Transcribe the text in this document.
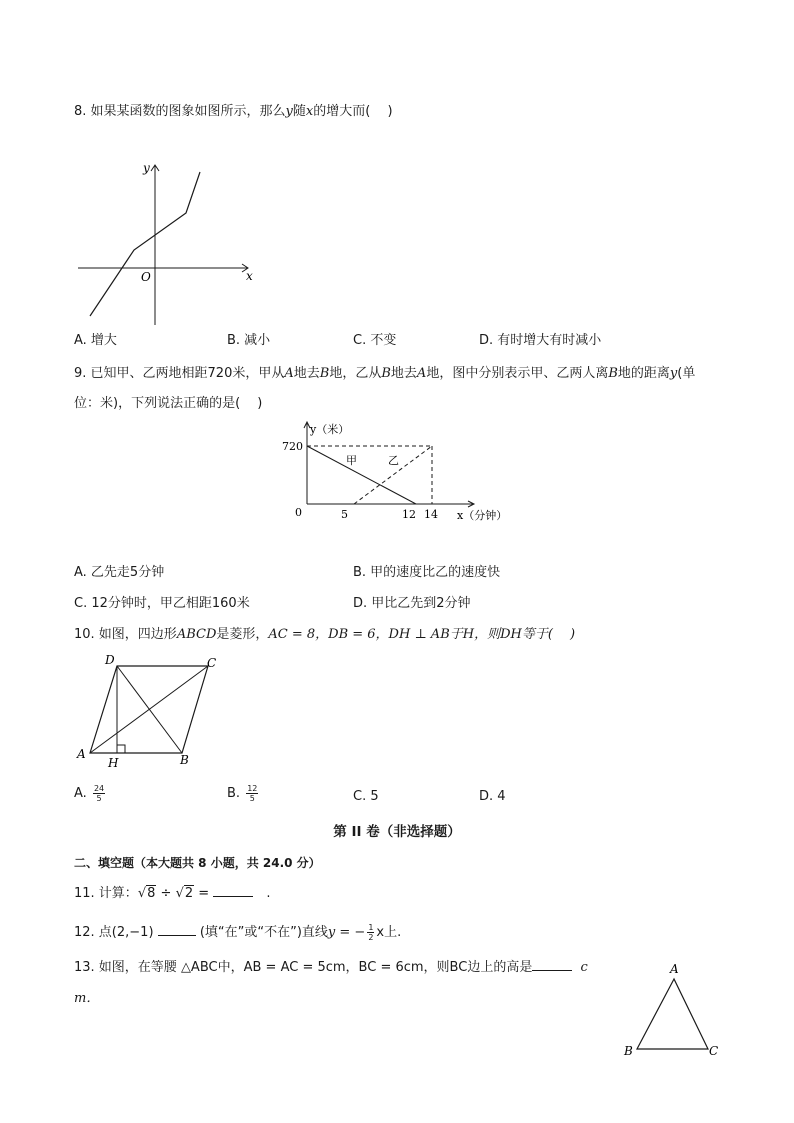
8. 如果某函数的图象如图所示，那么y随x的增大而(　 )
x
y
O
A. 增大	B. 减小	C. 不变	D. 有时增大有时减小
9. 已知甲、乙两地相距720米，甲从A地去B地，乙从B地去A地，图中分别表示甲、乙两人离B地的距离y(单
位：米)，下列说法正确的是(　 )
y（米）
720
0	5	12 14 x（分钟）
甲	乙
A. 乙先走5分钟	B. 甲的速度比乙的速度快
C. 12分钟时，甲乙相距160米	D. 甲比乙先到2分钟
10. 如图，四边形ABCD是菱形，AC = 8，DB = 6，DH ⊥ AB于H，则DH等于(　 )
A
D	C
B
H
A. $\frac{24}{5}$	B. $\frac{12}{5}$	C. 5	D. 4
第 II 卷（非选择题）
二、填空题（本大题共 8 小题，共 24.0 分）
11. 计算：√8 ÷ √2 =	　.
12. 点(2,−1)	(填“在”或“不在”)直线y = − $\frac{1}{2}$ x上.
13. 如图，在等腰 △ABC中，AB = AC = 5cm，BC = 6cm，则BC边上的高是	c
m．
A
B	C
